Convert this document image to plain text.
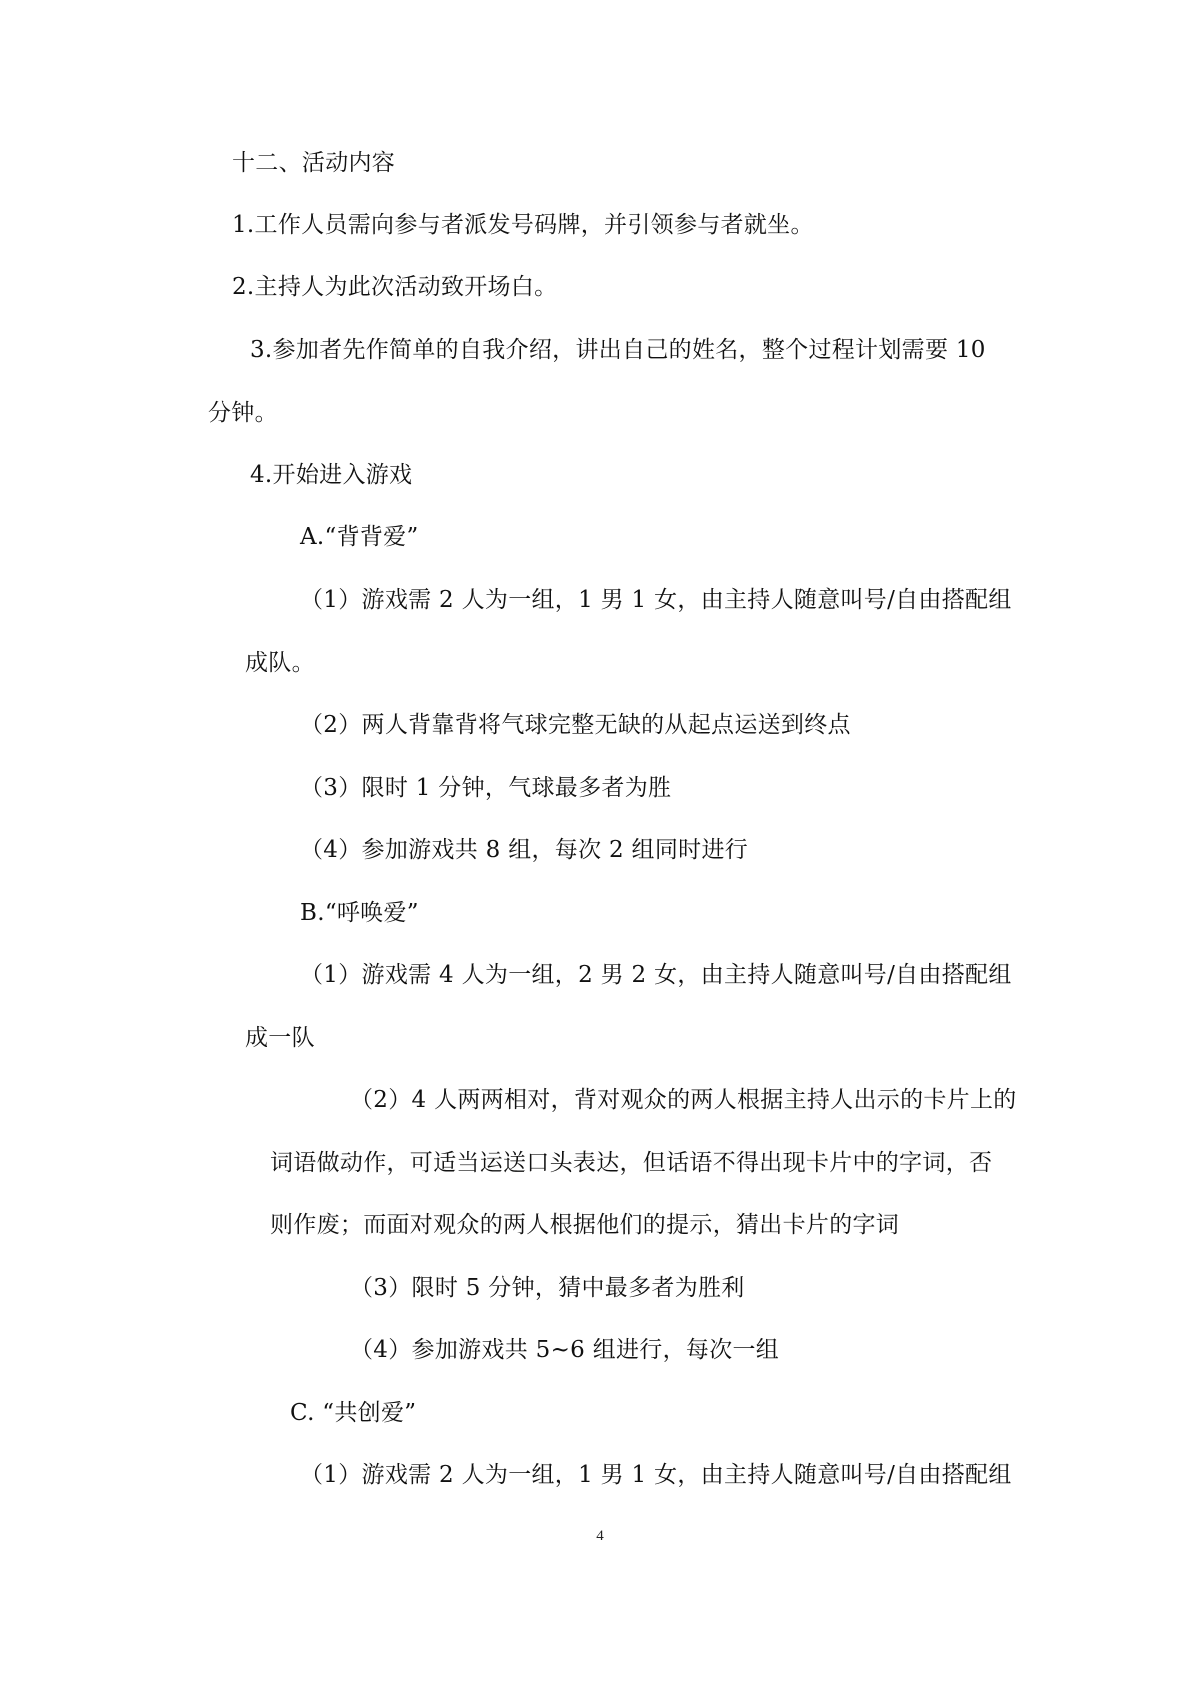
十二、活动内容
1.工作人员需向参与者派发号码牌，并引领参与者就坐。
2.主持人为此次活动致开场白。
3.参加者先作简单的自我介绍，讲出自己的姓名，整个过程计划需要 10
分钟。
4.开始进入游戏
A.“背背爱”
（1）游戏需 2 人为一组，1 男 1 女，由主持人随意叫号/自由搭配组
成队。
（2）两人背靠背将气球完整无缺的从起点运送到终点
（3）限时 1 分钟，气球最多者为胜
（4）参加游戏共 8 组，每次 2 组同时进行
B.“呼唤爱”
（1）游戏需 4 人为一组，2 男 2 女，由主持人随意叫号/自由搭配组
成一队
（2）4 人两两相对，背对观众的两人根据主持人出示的卡片上的
词语做动作，可适当运送口头表达，但话语不得出现卡片中的字词，否
则作废；而面对观众的两人根据他们的提示，猜出卡片的字词
（3）限时 5 分钟，猜中最多者为胜利
（4）参加游戏共 5~6 组进行，每次一组
C. “共创爱”
（1）游戏需 2 人为一组，1 男 1 女，由主持人随意叫号/自由搭配组
4
